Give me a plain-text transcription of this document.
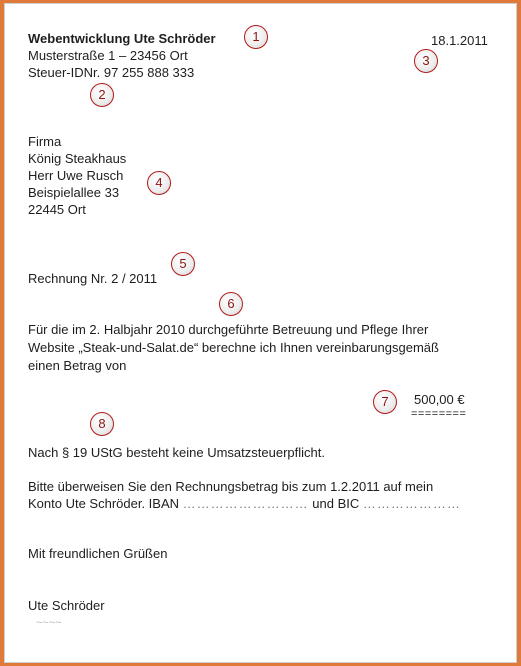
Webentwicklung Ute Schröder
Musterstraße 1 – 23456 Ort
Steuer-IDNr. 97 255 888 333
18.1.2011
Firma
König Steakhaus
Herr Uwe Rusch
Beispielallee 33
22445 Ort
Rechnung Nr. 2 / 2011
Für die im 2. Halbjahr 2010 durchgeführte Betreuung und Pflege Ihrer
Website „Steak-und-Salat.de“ berechne ich Ihnen vereinbarungsgemäß
einen Betrag von
500,00 €
========
Nach § 19 UStG besteht keine Umsatzsteuerpflicht.
Bitte überweisen Sie den Rechnungsbetrag bis zum 1.2.2011 auf mein
Konto Ute Schröder. IBAN ……………………… und BIC …………………
Mit freundlichen Grüßen
Ute Schröder
~~~~
1
2
3
4
5
6
7
8
